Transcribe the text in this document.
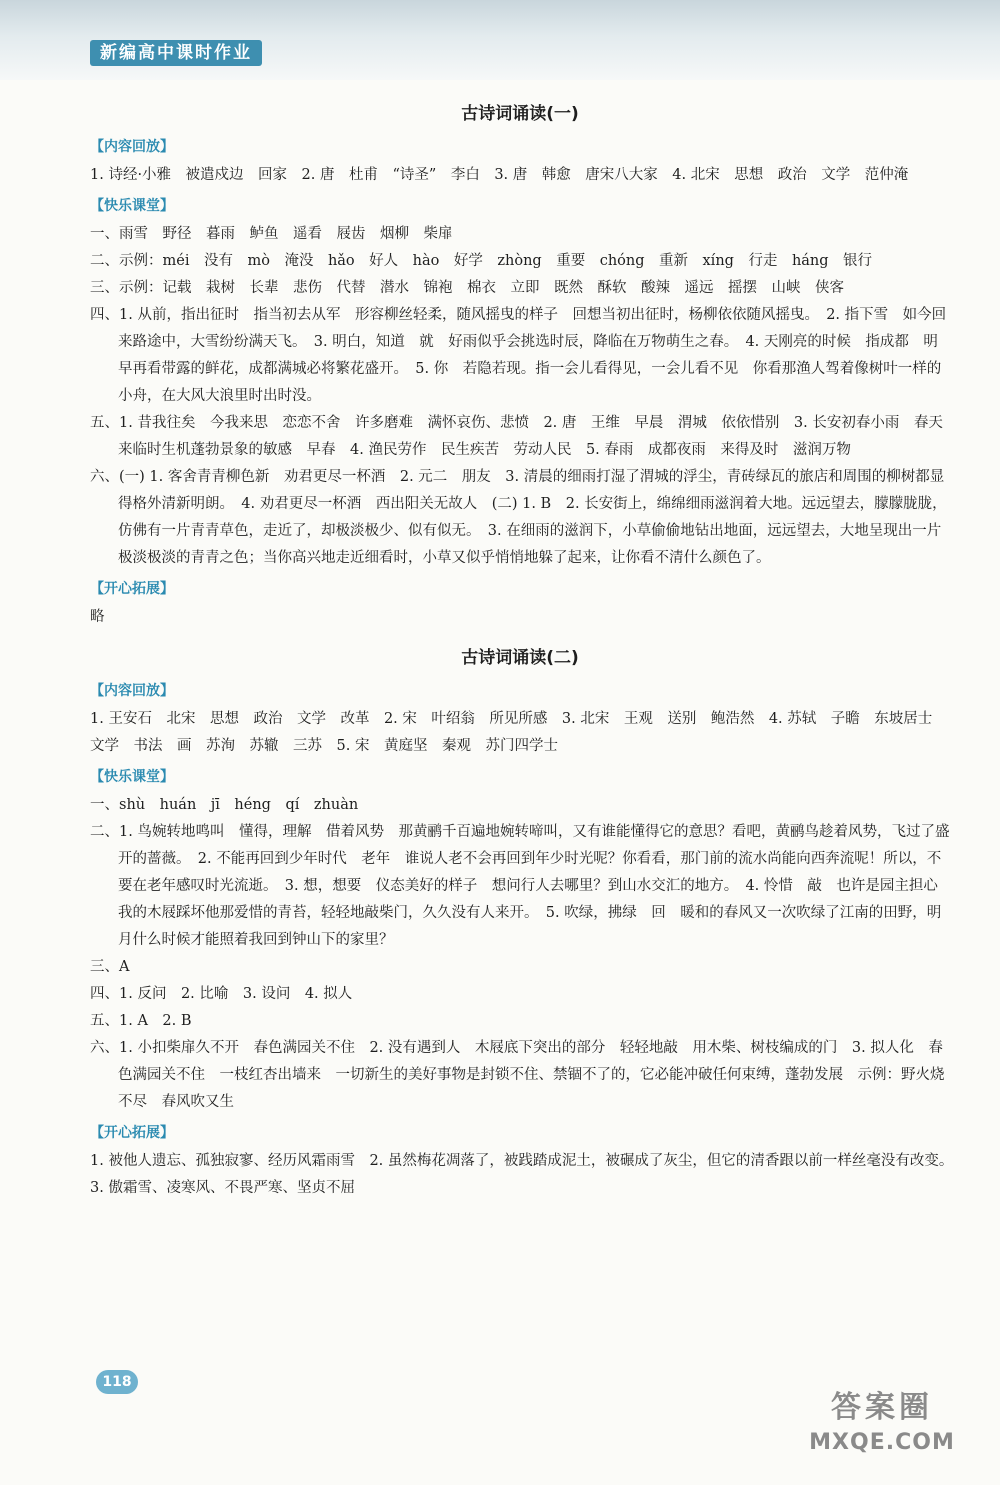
新编高中课时作业
古诗词诵读(一)
【内容回放】

1. 诗经·小雅　被遣戍边　回家　2. 唐　杜甫　“诗圣”　李白　3. 唐　韩愈　唐宋八大家　4. 北宋　思想　政治　文学　范仲淹

【快乐课堂】

一、雨雪　野径　暮雨　鲈鱼　遥看　屐齿　烟柳　柴扉

二、示例：méi　没有　mò　淹没　hǎo　好人　hào　好学　zhòng　重要　chóng　重新　xíng　行走　háng　银行

三、示例：记载　栽树　长辈　悲伤　代替　潜水　锦袍　棉衣　立即　既然　酥软　酸辣　遥远　摇摆　山峡　侠客

四、1. 从前，指出征时　指当初去从军　形容柳丝轻柔，随风摇曳的样子　回想当初出征时，杨柳依依随风摇曳。　2. 指下雪　如今回来路途中，大雪纷纷满天飞。　3. 明白，知道　就　好雨似乎会挑选时辰，降临在万物萌生之春。　4. 天刚亮的时候　指成都　明早再看带露的鲜花，成都满城必将繁花盛开。　5. 你　若隐若现。指一会儿看得见，一会儿看不见　你看那渔人驾着像树叶一样的小舟，在大风大浪里时出时没。

五、1. 昔我往矣　今我来思　恋恋不舍　许多磨难　满怀哀伤、悲愤　2. 唐　王维　早晨　渭城　依依惜别　3. 长安初春小雨　春天来临时生机蓬勃景象的敏感　早春　4. 渔民劳作　民生疾苦　劳动人民　5. 春雨　成都夜雨　来得及时　滋润万物

六、(一) 1. 客舍青青柳色新　劝君更尽一杯酒　2. 元二　朋友　3. 清晨的细雨打湿了渭城的浮尘，青砖绿瓦的旅店和周围的柳树都显得格外清新明朗。　4. 劝君更尽一杯酒　西出阳关无故人　(二) 1. B　2. 长安街上，绵绵细雨滋润着大地。远远望去，朦朦胧胧，仿佛有一片青青草色，走近了，却极淡极少、似有似无。　3. 在细雨的滋润下，小草偷偷地钻出地面，远远望去，大地呈现出一片极淡极淡的青青之色；当你高兴地走近细看时，小草又似乎悄悄地躲了起来，让你看不清什么颜色了。

【开心拓展】

略

古诗词诵读(二)
【内容回放】

1. 王安石　北宋　思想　政治　文学　改革　2. 宋　叶绍翁　所见所感　3. 北宋　王观　送别　鲍浩然　4. 苏轼　子瞻　东坡居士　文学　书法　画　苏洵　苏辙　三苏　5. 宋　黄庭坚　秦观　苏门四学士

【快乐课堂】

一、shù　huán　jī　héng　qí　zhuàn

二、1. 鸟婉转地鸣叫　懂得，理解　借着风势　那黄鹂千百遍地婉转啼叫，又有谁能懂得它的意思？看吧，黄鹂鸟趁着风势，飞过了盛开的蔷薇。　2. 不能再回到少年时代　老年　谁说人老不会再回到年少时光呢？你看看，那门前的流水尚能向西奔流呢！所以，不要在老年感叹时光流逝。　3. 想，想要　仪态美好的样子　想问行人去哪里？到山水交汇的地方。　4. 怜惜　敲　也许是园主担心我的木屐踩坏他那爱惜的青苔，轻轻地敲柴门，久久没有人来开。　5. 吹绿，拂绿　回　暖和的春风又一次吹绿了江南的田野，明月什么时候才能照着我回到钟山下的家里？

三、A

四、1. 反问　2. 比喻　3. 设问　4. 拟人

五、1. A　2. B

六、1. 小扣柴扉久不开　春色满园关不住　2. 没有遇到人　木屐底下突出的部分　轻轻地敲　用木柴、树枝编成的门　3. 拟人化　春色满园关不住　一枝红杏出墙来　一切新生的美好事物是封锁不住、禁锢不了的，它必能冲破任何束缚，蓬勃发展　示例：野火烧不尽　春风吹又生

【开心拓展】

1. 被他人遗忘、孤独寂寥、经历风霜雨雪　2. 虽然梅花凋落了，被践踏成泥土，被碾成了灰尘，但它的清香跟以前一样丝毫没有改变。　3. 傲霜雪、凌寒风、不畏严寒、坚贞不屈

118
答案圈
MXQE.COM
